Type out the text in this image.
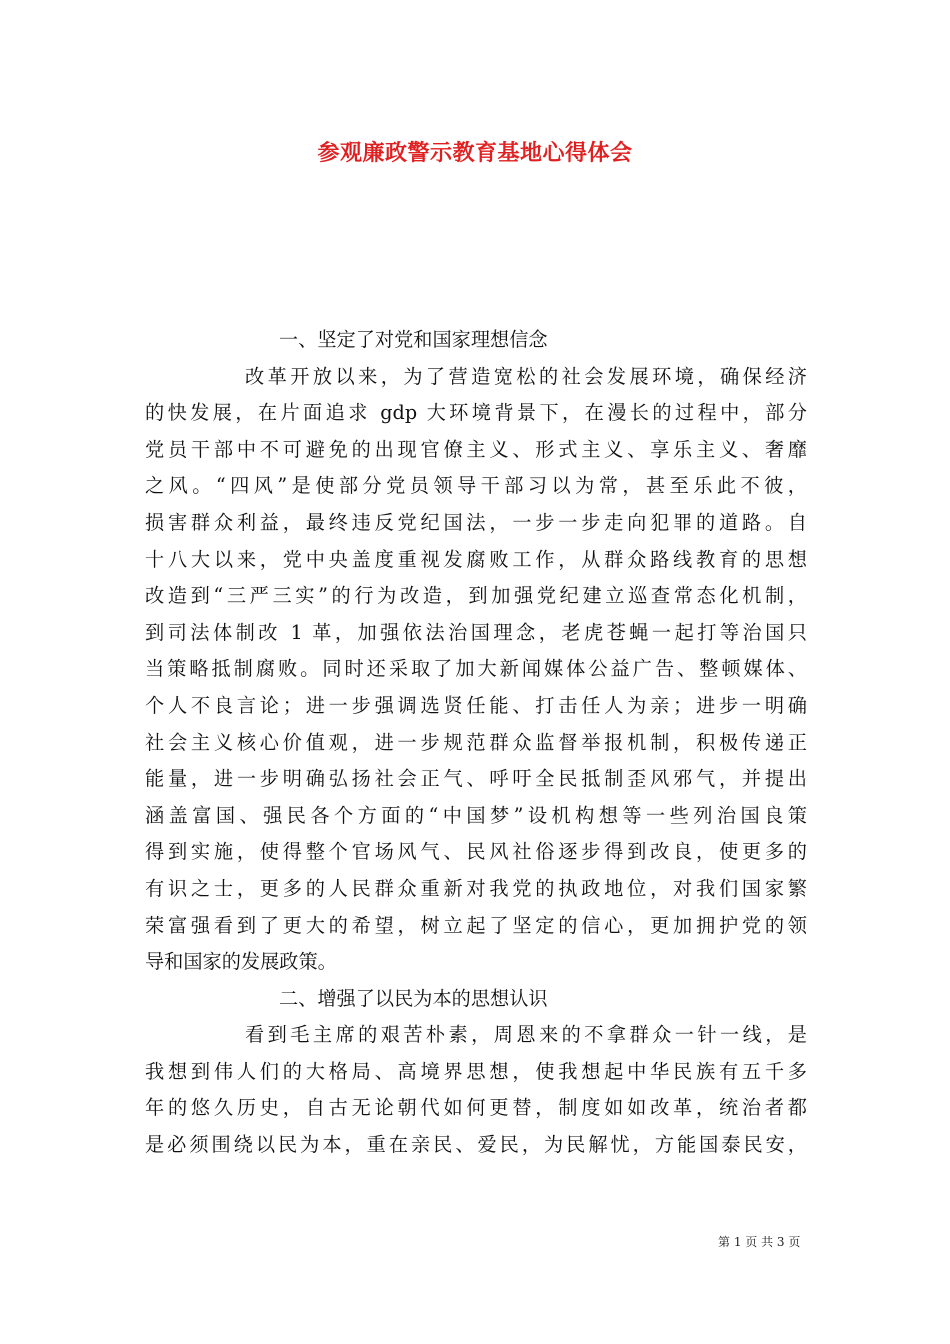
参观廉政警示教育基地心得体会
一、坚定了对党和国家理想信念
改革开放以来，为了营造宽松的社会发展环境，确保经济
的快发展，在片面追求 gdp 大环境背景下，在漫长的过程中，部分
党员干部中不可避免的出现官僚主义、形式主义、享乐主义、奢靡
之风。“四风”是使部分党员领导干部习以为常，甚至乐此不彼，
损害群众利益，最终违反党纪国法，一步一步走向犯罪的道路。自
十八大以来，党中央盖度重视发腐败工作，从群众路线教育的思想
改造到“三严三实”的行为改造，到加强党纪建立巡查常态化机制，
到司法体制改 1 革，加强依法治国理念，老虎苍蝇一起打等治国只
当策略抵制腐败。同时还采取了加大新闻媒体公益广告、整顿媒体、
个人不良言论；进一步强调选贤任能、打击任人为亲；进步一明确
社会主义核心价值观，进一步规范群众监督举报机制，积极传递正
能量，进一步明确弘扬社会正气、呼吁全民抵制歪风邪气，并提出
涵盖富国、强民各个方面的“中国梦”设机构想等一些列治国良策
得到实施，使得整个官场风气、民风社俗逐步得到改良，使更多的
有识之士，更多的人民群众重新对我党的执政地位，对我们国家繁
荣富强看到了更大的希望，树立起了坚定的信心，更加拥护党的领
导和国家的发展政策。
二、增强了以民为本的思想认识
看到毛主席的艰苦朴素，周恩来的不拿群众一针一线，是
我想到伟人们的大格局、高境界思想，使我想起中华民族有五千多
年的悠久历史，自古无论朝代如何更替，制度如如改革，统治者都
是必须围绕以民为本，重在亲民、爱民，为民解忧，方能国泰民安，
第 1 页 共 3 页
